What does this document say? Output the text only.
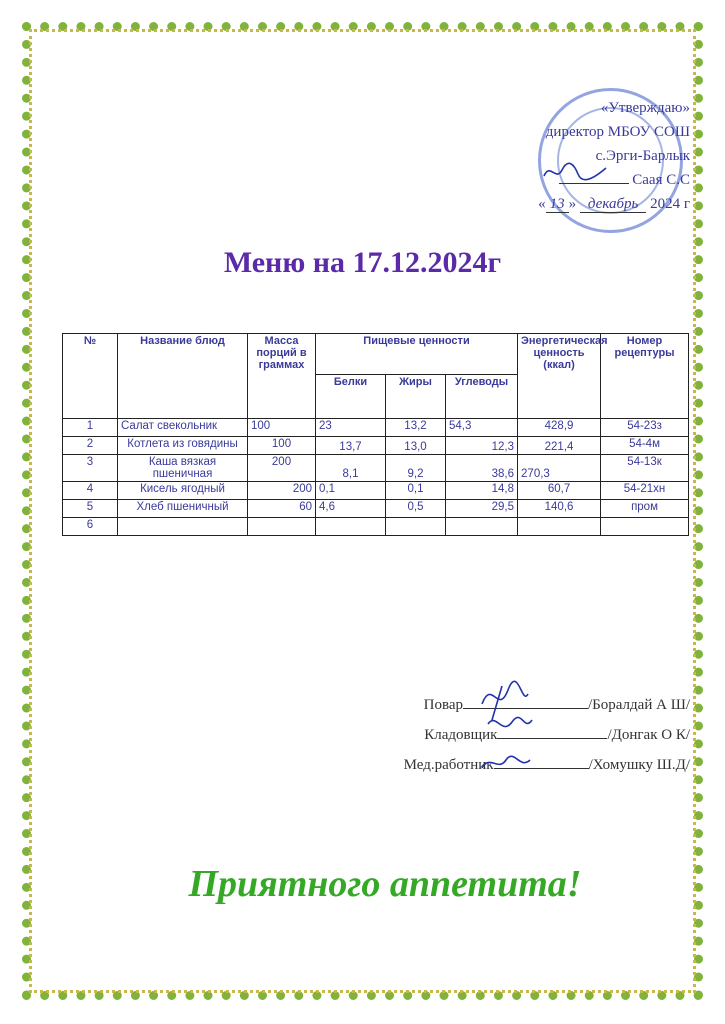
«Утверждаю»
директор МБОУ СОШ
с.Эрги-Барлык
Саая С.С
« 13 » декабрь 2024 г
Меню на 17.12.2024г
№	Название блюд	Масса порций в граммах	Пищевые ценности			Энергетическая ценность (ккал)	Номер рецептуры
			Белки	Жиры	Углеводы		
1	Салат свекольник	100	23	13,2	54,3	428,9	54-23з
2	Котлета из говядины	100	13,7	13,0	12,3	221,4	54-4м
3	Каша вязкая пшеничная	200	8,1	9,2	38,6	270,3	54-13к
4	Кисель ягодный	200	0,1	0,1	14,8	60,7	54-21хн
5	Хлеб пшеничный	60	4,6	0,5	29,5	140,6	пром
6							
Повар	/Боралдай А Ш/
Кладовщик	/Донгак О К/
Мед.работник	/Хомушку Ш.Д/
Приятного аппетита!
